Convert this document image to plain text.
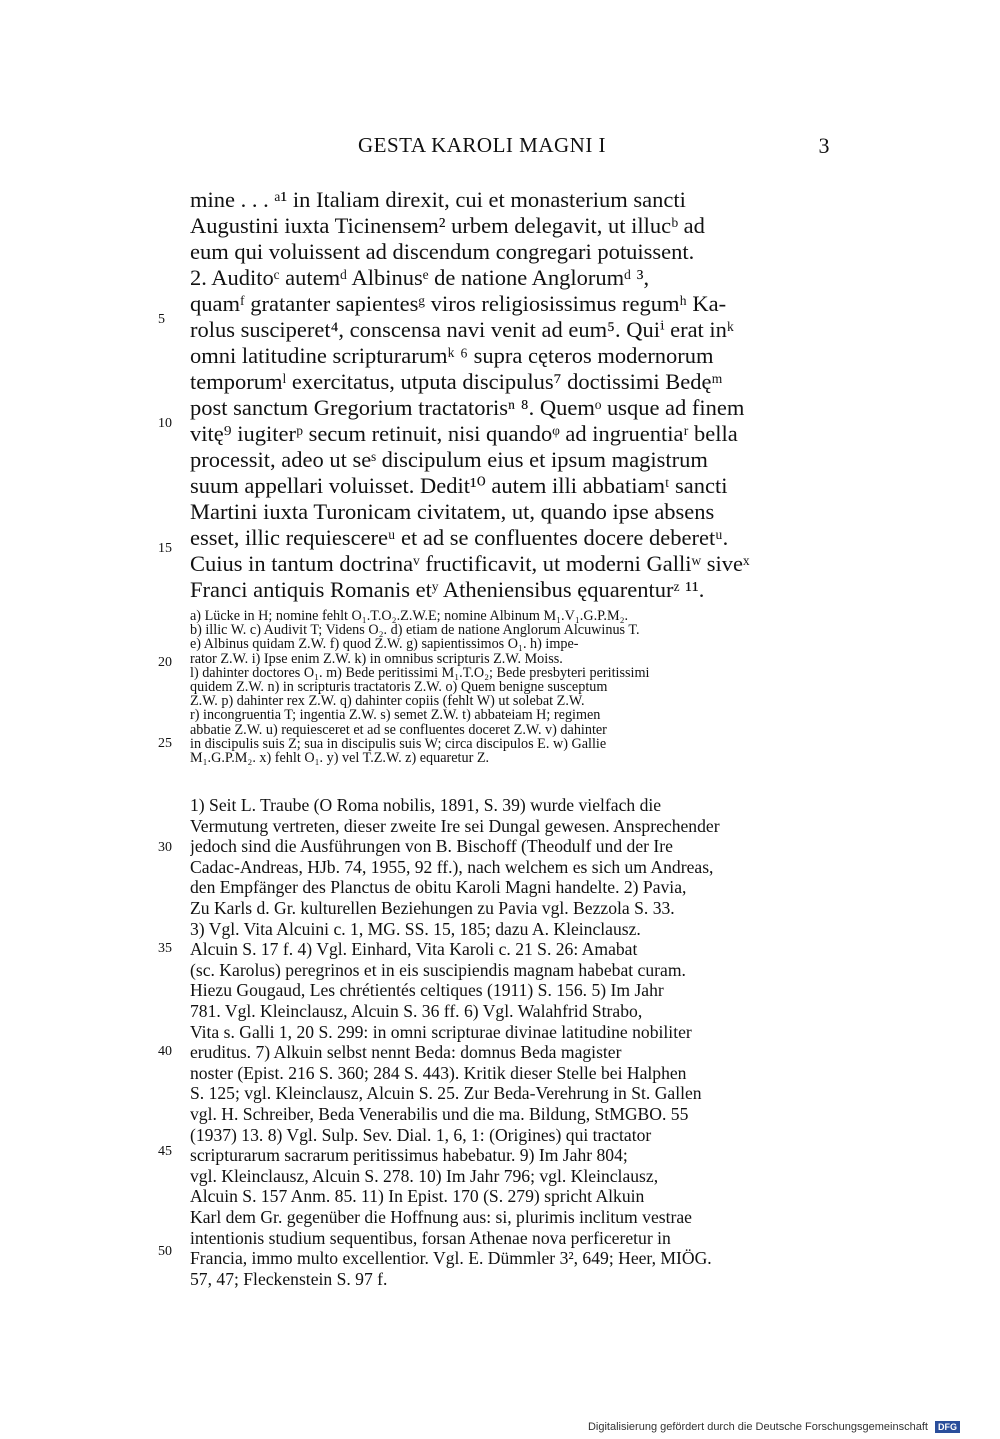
GESTA KAROLI MAGNI I	3
mine . . . ᵃ¹ in Italiam direxit, cui et monasterium sancti
Augustini iuxta Ticinensem² urbem delegavit, ut illucᵇ ad
eum qui voluissent ad discendum congregari potuissent.
2. Auditoᶜ autemᵈ Albinusᵉ de natione Anglorumᵈ ³,
quamᶠ gratanter sapientesᵍ viros religiosissimus regumʰ Ka-
rolus susciperet⁴, conscensa navi venit ad eum⁵. Quiⁱ erat inᵏ
omni latitudine scripturarumᵏ ⁶ supra cęteros modernorum
temporumˡ exercitatus, utputa discipulus⁷ doctissimi Bedęᵐ
post sanctum Gregorium tractatorisⁿ ⁸. Quemᵒ usque ad finem
vitę⁹ iugiterᵖ secum retinuit, nisi quandoᵠ ad ingruentiaʳ bella
processit, adeo ut seˢ discipulum eius et ipsum magistrum
suum appellari voluisset. Dedit¹⁰ autem illi abbatiamᵗ sancti
Martini iuxta Turonicam civitatem, ut, quando ipse absens
esset, illic requiescereᵘ et ad se confluentes docere deberetᵘ.
Cuius in tantum doctrinaᵛ fructificavit, ut moderni Galliʷ siveˣ
Franci antiquis Romanis etʸ Atheniensibus ęquarenturᶻ ¹¹.
a) Lücke in H; nomine fehlt O₁.T.O₂.Z.W.E; nomine Albinum M₁.V₁.G.P.M₂.
b) illic W. c) Audivit T; Videns O₂. d) etiam de natione Anglorum Alcuwinus T.
e) Albinus quidam Z.W. f) quod Z.W. g) sapientissimos O₁. h) impe-
rator Z.W. i) Ipse enim Z.W. k) in omnibus scripturis Z.W. Moiss.
l) dahinter doctores O₁. m) Bede peritissimi M₁.T.O₂; Bede presbyteri peritissimi
quidem Z.W. n) in scripturis tractatoris Z.W. o) Quem benigne susceptum
Z.W. p) dahinter rex Z.W. q) dahinter copiis (fehlt W) ut solebat Z.W.
r) incongruentia T; ingentia Z.W. s) semet Z.W. t) abbateiam H; regimen
abbatie Z.W. u) requiesceret et ad se confluentes doceret Z.W. v) dahinter
in discipulis suis Z; sua in discipulis suis W; circa discipulos E. w) Gallie
M₁.G.P.M₂. x) fehlt O₁. y) vel T.Z.W. z) equaretur Z.
1) Seit L. Traube (O Roma nobilis, 1891, S. 39) wurde vielfach die
Vermutung vertreten, dieser zweite Ire sei Dungal gewesen. Ansprechender
jedoch sind die Ausführungen von B. Bischoff (Theodulf und der Ire
Cadac-Andreas, HJb. 74, 1955, 92 ff.), nach welchem es sich um Andreas,
den Empfänger des Planctus de obitu Karoli Magni handelte. 2) Pavia,
Zu Karls d. Gr. kulturellen Beziehungen zu Pavia vgl. Bezzola S. 33.
3) Vgl. Vita Alcuini c. 1, MG. SS. 15, 185; dazu A. Kleinclausz.
Alcuin S. 17 f. 4) Vgl. Einhard, Vita Karoli c. 21 S. 26: Amabat
(sc. Karolus) peregrinos et in eis suscipiendis magnam habebat curam.
Hiezu Gougaud, Les chrétientés celtiques (1911) S. 156. 5) Im Jahr
781. Vgl. Kleinclausz, Alcuin S. 36 ff. 6) Vgl. Walahfrid Strabo,
Vita s. Galli 1, 20 S. 299: in omni scripturae divinae latitudine nobiliter
eruditus. 7) Alkuin selbst nennt Beda: domnus Beda magister
noster (Epist. 216 S. 360; 284 S. 443). Kritik dieser Stelle bei Halphen
S. 125; vgl. Kleinclausz, Alcuin S. 25. Zur Beda-Verehrung in St. Gallen
vgl. H. Schreiber, Beda Venerabilis und die ma. Bildung, StMGBO. 55
(1937) 13. 8) Vgl. Sulp. Sev. Dial. 1, 6, 1: (Origines) qui tractator
scripturarum sacrarum peritissimus habebatur. 9) Im Jahr 804;
vgl. Kleinclausz, Alcuin S. 278. 10) Im Jahr 796; vgl. Kleinclausz,
Alcuin S. 157 Anm. 85. 11) In Epist. 170 (S. 279) spricht Alkuin
Karl dem Gr. gegenüber die Hoffnung aus: si, plurimis inclitum vestrae
intentionis studium sequentibus, forsan Athenae nova perficeretur in
Francia, immo multo excellentior. Vgl. E. Dümmler 3², 649; Heer, MIÖG.
57, 47; Fleckenstein S. 97 f.
5
10
15
20
25
30
35
40
45
50
Digitalisierung gefördert durch die Deutsche Forschungsgemeinschaft DFG
